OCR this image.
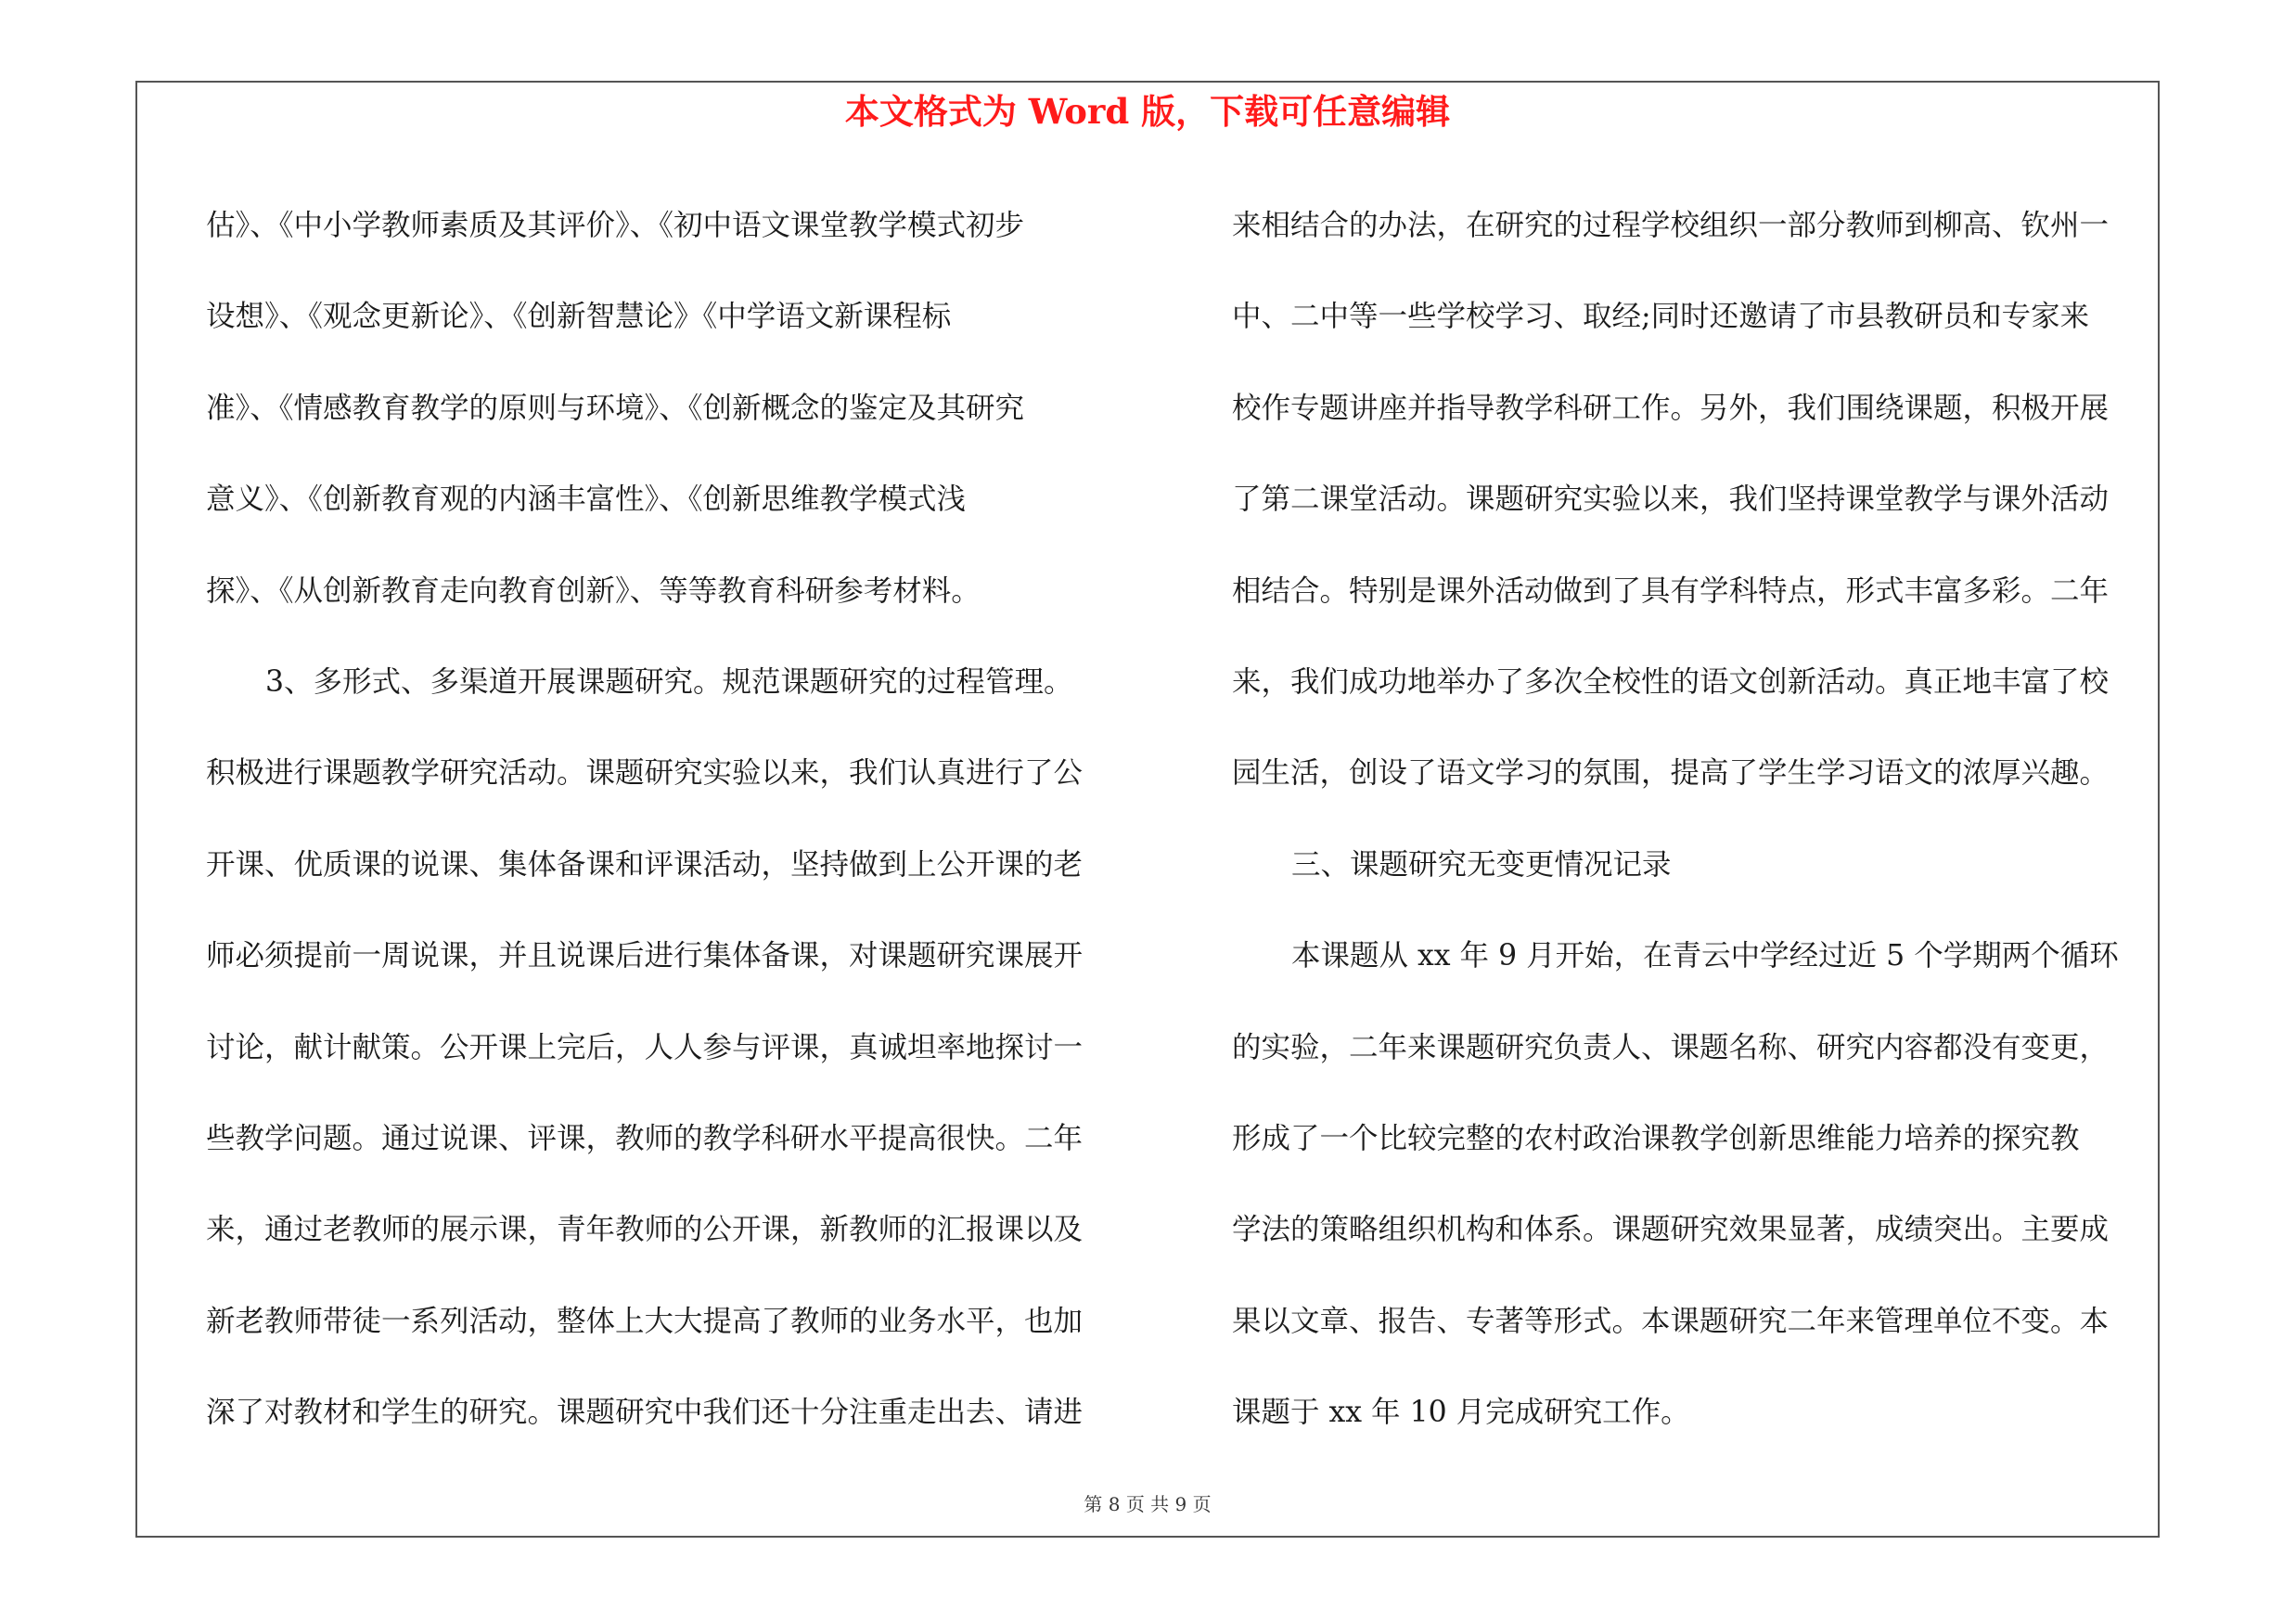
本文格式为 Word 版，下载可任意编辑
估》、《中小学教师素质及其评价》、《初中语文课堂教学模式初步
设想》、《观念更新论》、《创新智慧论》《中学语文新课程标
准》、《情感教育教学的原则与环境》、《创新概念的鉴定及其研究
意义》、《创新教育观的内涵丰富性》、《创新思维教学模式浅
探》、《从创新教育走向教育创新》、等等教育科研参考材料。
3、多形式、多渠道开展课题研究。规范课题研究的过程管理。
积极进行课题教学研究活动。课题研究实验以来，我们认真进行了公
开课、优质课的说课、集体备课和评课活动，坚持做到上公开课的老
师必须提前一周说课，并且说课后进行集体备课，对课题研究课展开
讨论，献计献策。公开课上完后，人人参与评课，真诚坦率地探讨一
些教学问题。通过说课、评课，教师的教学科研水平提高很快。二年
来，通过老教师的展示课，青年教师的公开课，新教师的汇报课以及
新老教师带徒一系列活动，整体上大大提高了教师的业务水平，也加
深了对教材和学生的研究。课题研究中我们还十分注重走出去、请进
来相结合的办法，在研究的过程学校组织一部分教师到柳高、钦州一
中、二中等一些学校学习、取经;同时还邀请了市县教研员和专家来
校作专题讲座并指导教学科研工作。另外，我们围绕课题，积极开展
了第二课堂活动。课题研究实验以来，我们坚持课堂教学与课外活动
相结合。特别是课外活动做到了具有学科特点，形式丰富多彩。二年
来，我们成功地举办了多次全校性的语文创新活动。真正地丰富了校
园生活，创设了语文学习的氛围，提高了学生学习语文的浓厚兴趣。
三、课题研究无变更情况记录
本课题从 xx 年 9 月开始，在青云中学经过近 5 个学期两个循环
的实验，二年来课题研究负责人、课题名称、研究内容都没有变更，
形成了一个比较完整的农村政治课教学创新思维能力培养的探究教
学法的策略组织机构和体系。课题研究效果显著，成绩突出。主要成
果以文章、报告、专著等形式。本课题研究二年来管理单位不变。本
课题于 xx 年 10 月完成研究工作。
第 8 页 共 9 页
